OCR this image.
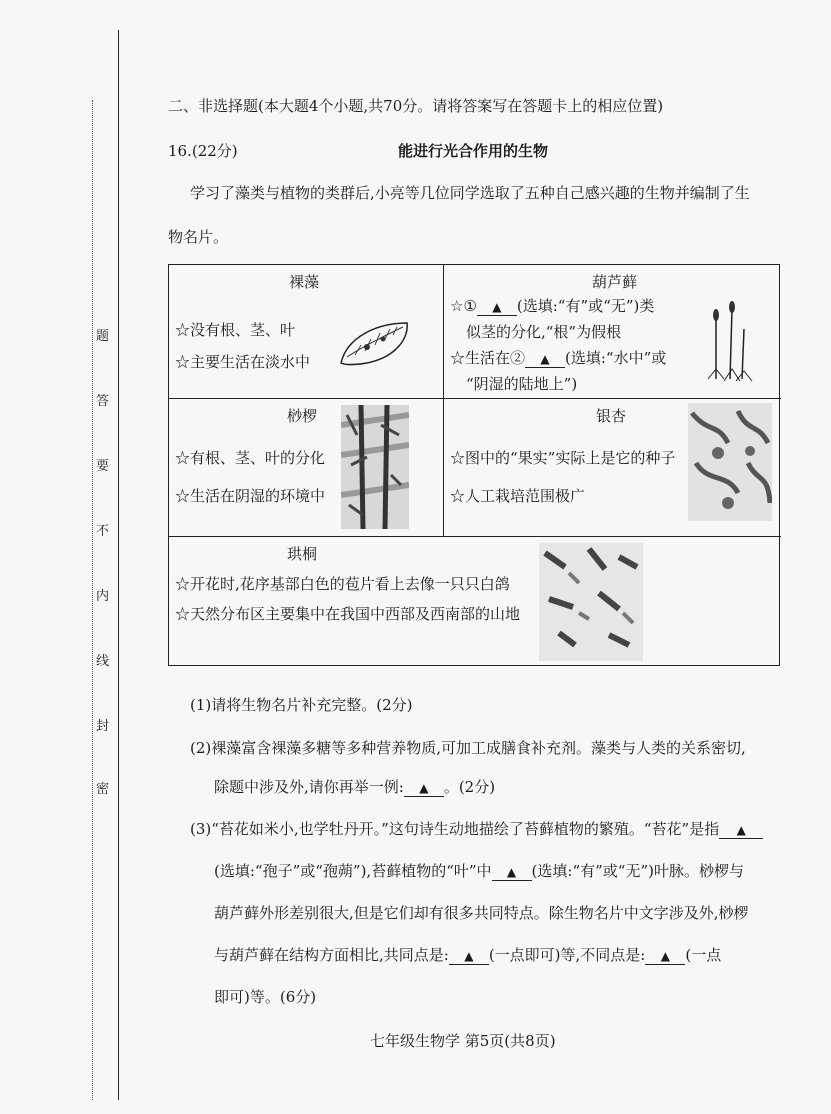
题
答
要
不
内
线
封
密
二、非选择题(本大题4个小题,共70分。请将答案写在答题卡上的相应位置)
16.(22分)	能进行光合作用的生物
学习了藻类与植物的类群后,小亮等几位同学选取了五种自己感兴趣的生物并编制了生
物名片。
裸藻
☆没有根、茎、叶
☆主要生活在淡水中
葫芦藓
☆① ▲ (选填:“有”或“无”)类
似茎的分化,“根”为假根
☆生活在② ▲ (选填:“水中”或
“阴湿的陆地上”)
桫椤
☆有根、茎、叶的分化
☆生活在阴湿的环境中
银杏
☆图中的“果实”实际上是它的种子
☆人工栽培范围极广
珙桐
☆开花时,花序基部白色的苞片看上去像一只只白鸽
☆天然分布区主要集中在我国中西部及西南部的山地
(1)请将生物名片补充完整。(2分)
(2)裸藻富含裸藻多糖等多种营养物质,可加工成膳食补充剂。藻类与人类的关系密切,
除题中涉及外,请你再举一例: ▲ 。(2分)
(3)“苔花如米小,也学牡丹开。”这句诗生动地描绘了苔藓植物的繁殖。“苔花”是指 ▲
(选填:“孢子”或“孢蒴”),苔藓植物的“叶”中 ▲ (选填:“有”或“无”)叶脉。桫椤与
葫芦藓外形差别很大,但是它们却有很多共同特点。除生物名片中文字涉及外,桫椤
与葫芦藓在结构方面相比,共同点是: ▲ (一点即可)等,不同点是: ▲ (一点
即可)等。(6分)
七年级生物学 第5页(共8页)
